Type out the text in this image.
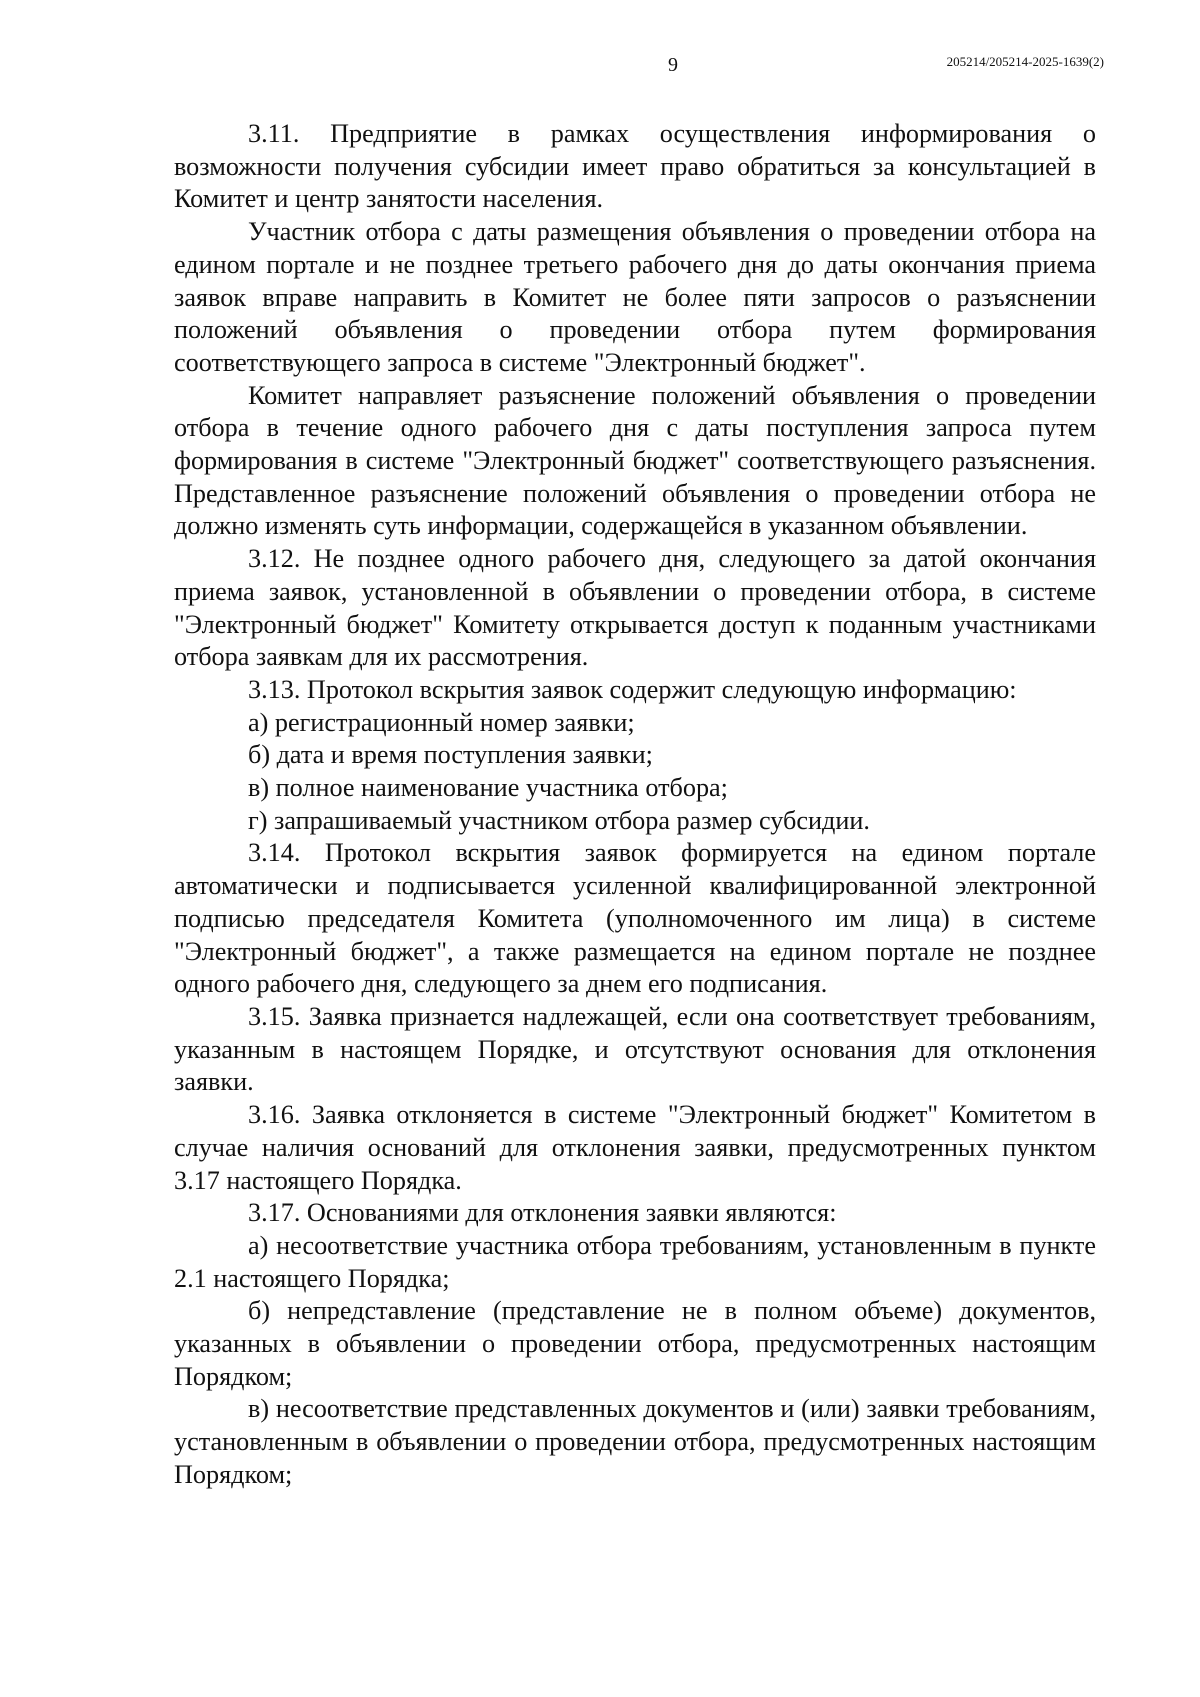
9	205214/205214-2025-1639(2)

3.11. Предприятие в рамках осуществления информирования о возможности получения субсидии имеет право обратиться за консультацией в Комитет и центр занятости населения.

Участник отбора с даты размещения объявления о проведении отбора на едином портале и не позднее третьего рабочего дня до даты окончания приема заявок вправе направить в Комитет не более пяти запросов о разъяснении положений объявления о проведении отбора путем формирования соответствующего запроса в системе "Электронный бюджет".

Комитет направляет разъяснение положений объявления о проведении отбора в течение одного рабочего дня с даты поступления запроса путем формирования в системе "Электронный бюджет" соответствующего разъяснения. Представленное разъяснение положений объявления о проведении отбора не должно изменять суть информации, содержащейся в указанном объявлении.

3.12. Не позднее одного рабочего дня, следующего за датой окончания приема заявок, установленной в объявлении о проведении отбора, в системе "Электронный бюджет" Комитету открывается доступ к поданным участниками отбора заявкам для их рассмотрения.

3.13. Протокол вскрытия заявок содержит следующую информацию:

а) регистрационный номер заявки;

б) дата и время поступления заявки;

в) полное наименование участника отбора;

г) запрашиваемый участником отбора размер субсидии.

3.14. Протокол вскрытия заявок формируется на едином портале автоматически и подписывается усиленной квалифицированной электронной подписью председателя Комитета (уполномоченного им лица) в системе "Электронный бюджет", а также размещается на едином портале не позднее одного рабочего дня, следующего за днем его подписания.

3.15. Заявка признается надлежащей, если она соответствует требованиям, указанным в настоящем Порядке, и отсутствуют основания для отклонения заявки.

3.16. Заявка отклоняется в системе "Электронный бюджет" Комитетом в случае наличия оснований для отклонения заявки, предусмотренных пунктом 3.17 настоящего Порядка.

3.17. Основаниями для отклонения заявки являются:

а) несоответствие участника отбора требованиям, установленным в пункте 2.1 настоящего Порядка;

б) непредставление (представление не в полном объеме) документов, указанных в объявлении о проведении отбора, предусмотренных настоящим Порядком;

в) несоответствие представленных документов и (или) заявки требованиям, установленным в объявлении о проведении отбора, предусмотренных настоящим Порядком;
